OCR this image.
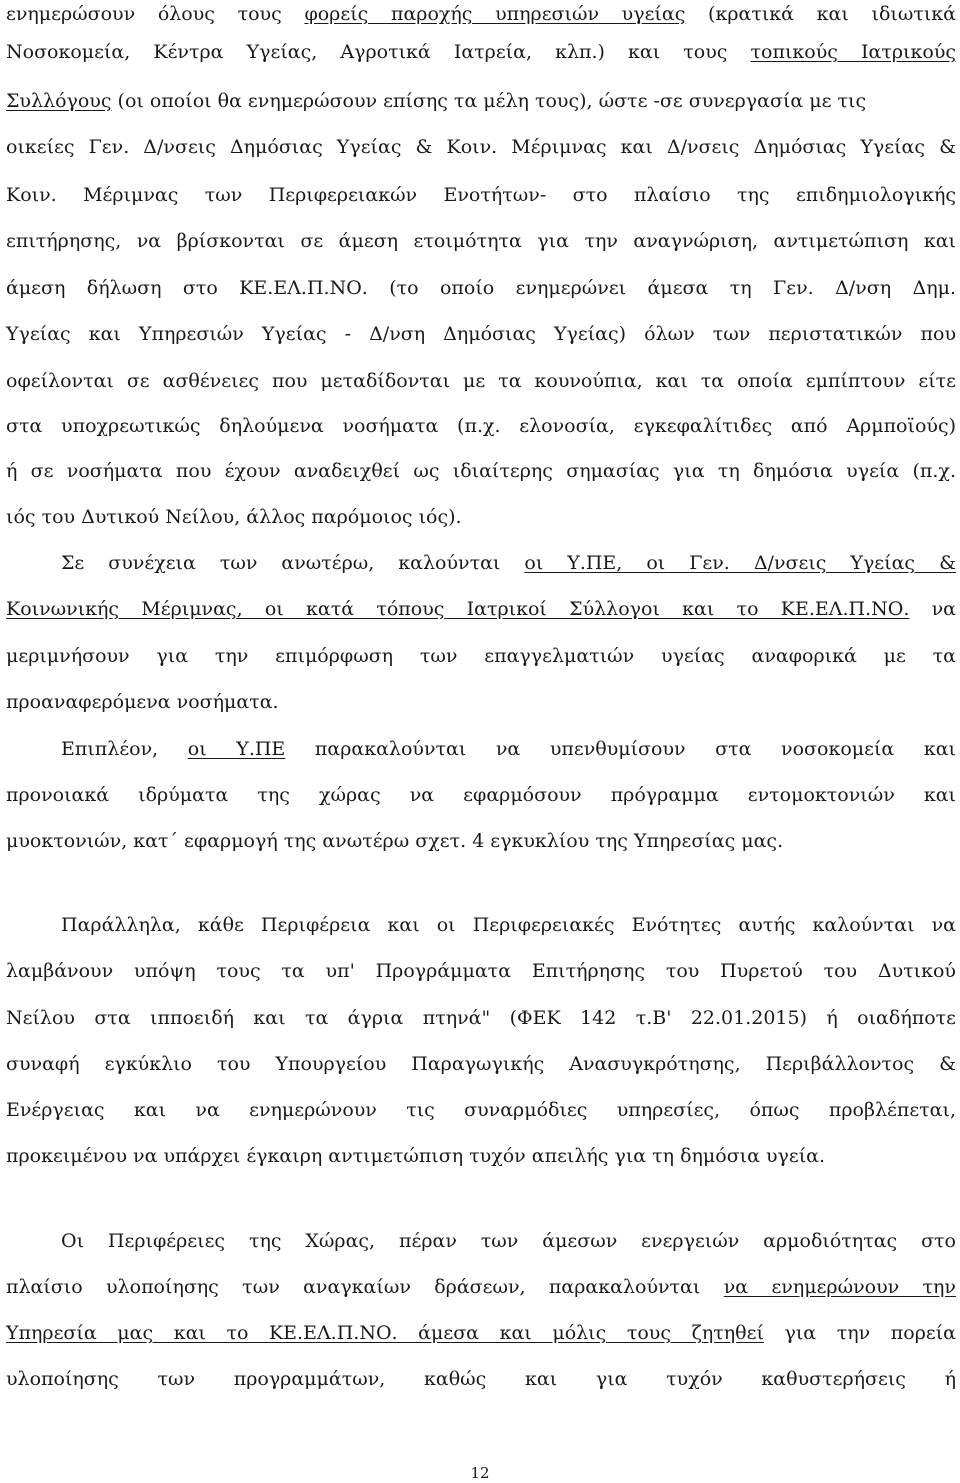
ενημερώσουν όλους τους φορείς παροχής υπηρεσιών υγείας (κρατικά και ιδιωτικά
Νοσοκομεία, Κέντρα Υγείας, Αγροτικά Ιατρεία, κλπ.) και τους τοπικούς Ιατρικούς
Συλλόγους (οι οποίοι θα ενημερώσουν επίσης τα μέλη τους), ώστε -σε συνεργασία με τις
οικείες Γεν. Δ/νσεις Δημόσιας Υγείας & Κοιν. Μέριμνας και Δ/νσεις Δημόσιας Υγείας &
Κοιν. Μέριμνας των Περιφερειακών Ενοτήτων- στο πλαίσιο της επιδημιολογικής
επιτήρησης, να βρίσκονται σε άμεση ετοιμότητα για την αναγνώριση, αντιμετώπιση και
άμεση δήλωση στο ΚΕ.ΕΛ.Π.ΝΟ. (το οποίο ενημερώνει άμεσα τη Γεν. Δ/νση Δημ.
Υγείας και Υπηρεσιών Υγείας - Δ/νση Δημόσιας Υγείας) όλων των περιστατικών που
οφείλονται σε ασθένειες που μεταδίδονται με τα κουνούπια, και τα οποία εμπίπτουν είτε
στα υποχρεωτικώς δηλούμενα νοσήματα (π.χ. ελονοσία, εγκεφαλίτιδες από Αρμποϊούς)
ή σε νοσήματα που έχουν αναδειχθεί ως ιδιαίτερης σημασίας για τη δημόσια υγεία (π.χ.
ιός του Δυτικού Νείλου, άλλος παρόμοιος ιός).
Σε συνέχεια των ανωτέρω, καλούνται οι Υ.ΠΕ, οι Γεν. Δ/νσεις Υγείας &
Κοινωνικής Μέριμνας, οι κατά τόπους Ιατρικοί Σύλλογοι και το ΚΕ.ΕΛ.Π.ΝΟ. να
μεριμνήσουν για την επιμόρφωση των επαγγελματιών υγείας αναφορικά με τα
προαναφερόμενα νοσήματα.
Επιπλέον, οι Υ.ΠΕ παρακαλούνται να υπενθυμίσουν στα νοσοκομεία και
προνοιακά ιδρύματα της χώρας να εφαρμόσουν πρόγραμμα εντομοκτονιών και
μυοκτονιών, κατ΄ εφαρμογή της ανωτέρω σχετ. 4 εγκυκλίου της Υπηρεσίας μας.
Παράλληλα, κάθε Περιφέρεια και οι Περιφερειακές Ενότητες αυτής καλούνται να
λαμβάνουν υπόψη τους τα υπ' Προγράμματα Επιτήρησης του Πυρετού του Δυτικού
Νείλου στα ιπποειδή και τα άγρια πτηνά" (ΦΕΚ 142 τ.Β' 22.01.2015) ή οιαδήποτε
συναφή εγκύκλιο του Υπουργείου Παραγωγικής Ανασυγκρότησης, Περιβάλλοντος &
Ενέργειας και να ενημερώνουν τις συναρμόδιες υπηρεσίες, όπως προβλέπεται,
προκειμένου να υπάρχει έγκαιρη αντιμετώπιση τυχόν απειλής για τη δημόσια υγεία.
Οι Περιφέρειες της Χώρας, πέραν των άμεσων ενεργειών αρμοδιότητας στο
πλαίσιο υλοποίησης των αναγκαίων δράσεων, παρακαλούνται να ενημερώνουν την
Υπηρεσία μας και το ΚΕ.ΕΛ.Π.ΝΟ. άμεσα και μόλις τους ζητηθεί για την πορεία
υλοποίησης των προγραμμάτων, καθώς και για τυχόν καθυστερήσεις ή
12
